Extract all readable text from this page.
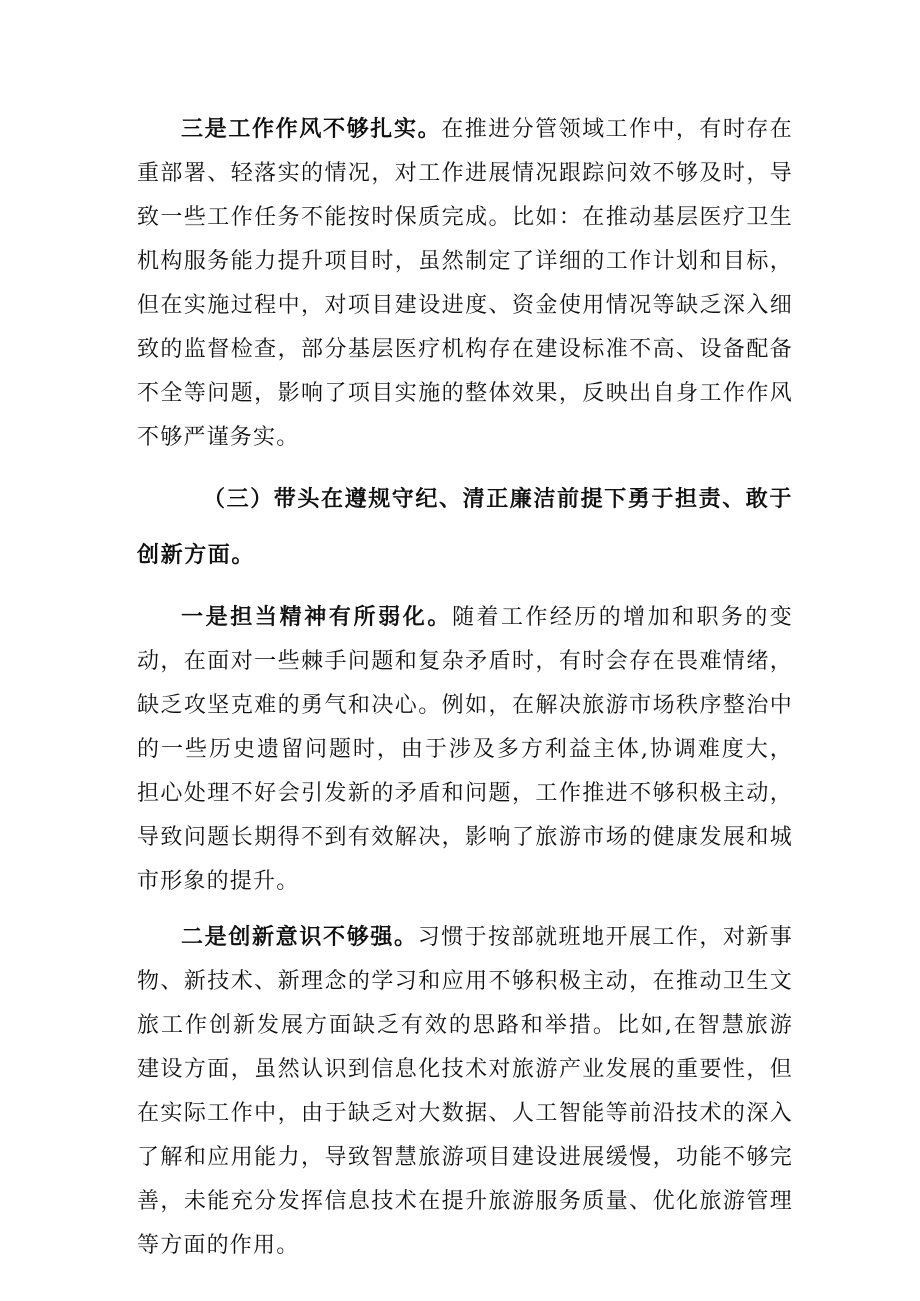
三是工作作风不够扎实。在推进分管领域工作中，有时存在重部署、轻落实的情况，对工作进展情况跟踪问效不够及时，导致一些工作任务不能按时保质完成。比如：在推动基层医疗卫生机构服务能力提升项目时，虽然制定了详细的工作计划和目标，但在实施过程中，对项目建设进度、资金使用情况等缺乏深入细致的监督检查，部分基层医疗机构存在建设标准不高、设备配备不全等问题，影响了项目实施的整体效果，反映出自身工作作风不够严谨务实。

（三）带头在遵规守纪、清正廉洁前提下勇于担责、敢于创新方面。

一是担当精神有所弱化。随着工作经历的增加和职务的变动，在面对一些棘手问题和复杂矛盾时，有时会存在畏难情绪，缺乏攻坚克难的勇气和决心。例如，在解决旅游市场秩序整治中的一些历史遗留问题时，由于涉及多方利益主体,协调难度大，担心处理不好会引发新的矛盾和问题，工作推进不够积极主动，导致问题长期得不到有效解决，影响了旅游市场的健康发展和城市形象的提升。

二是创新意识不够强。习惯于按部就班地开展工作，对新事物、新技术、新理念的学习和应用不够积极主动，在推动卫生文旅工作创新发展方面缺乏有效的思路和举措。比如,在智慧旅游建设方面，虽然认识到信息化技术对旅游产业发展的重要性，但在实际工作中，由于缺乏对大数据、人工智能等前沿技术的深入了解和应用能力，导致智慧旅游项目建设进展缓慢，功能不够完善，未能充分发挥信息技术在提升旅游服务质量、优化旅游管理等方面的作用。
